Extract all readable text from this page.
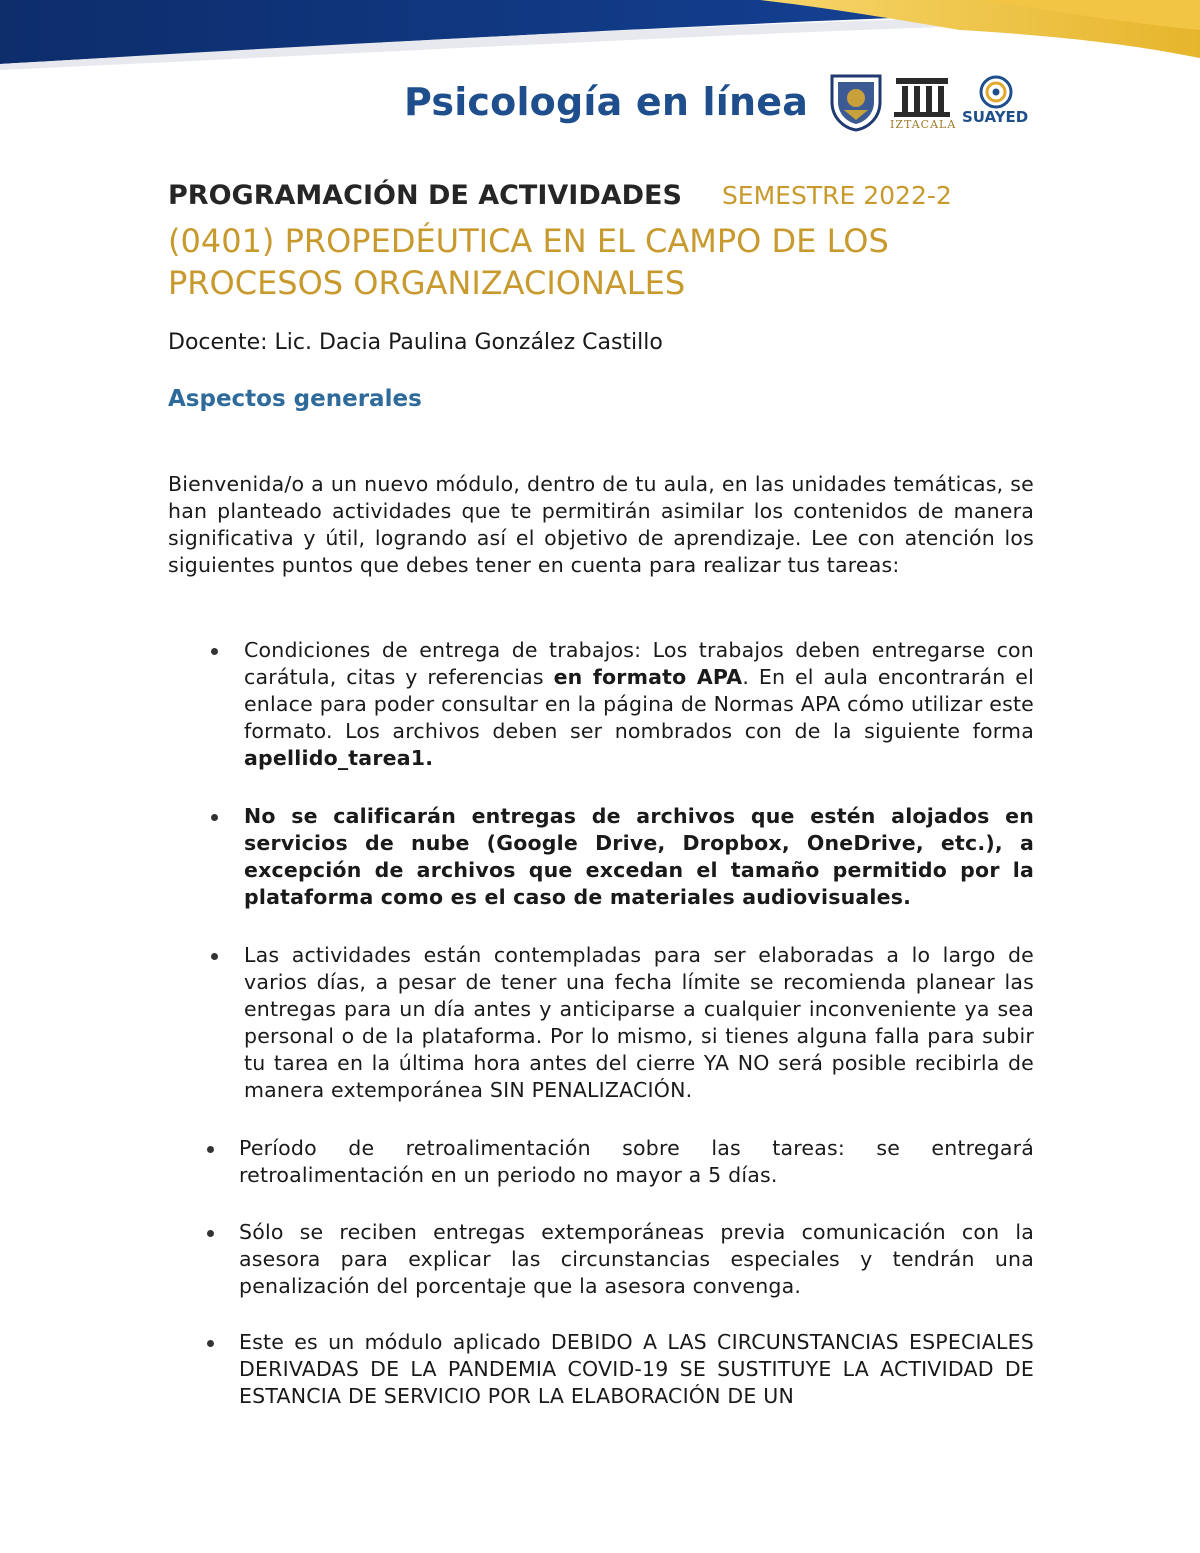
Psicología en línea
IZTACALA SUAYED
PROGRAMACIÓN DE ACTIVIDADES SEMESTRE 2022-2
(0401) PROPEDÉUTICA EN EL CAMPO DE LOS PROCESOS ORGANIZACIONALES
Docente: Lic. Dacia Paulina González Castillo
Aspectos generales
Bienvenida/o a un nuevo módulo, dentro de tu aula, en las unidades temáticas, se han planteado actividades que te permitirán asimilar los contenidos de manera significativa y útil, logrando así el objetivo de aprendizaje. Lee con atención los siguientes puntos que debes tener en cuenta para realizar tus tareas:
Condiciones de entrega de trabajos: Los trabajos deben entregarse con carátula, citas y referencias en formato APA. En el aula encontrarán el enlace para poder consultar en la página de Normas APA cómo utilizar este formato. Los archivos deben ser nombrados con de la siguiente forma apellido_tarea1.
No se calificarán entregas de archivos que estén alojados en servicios de nube (Google Drive, Dropbox, OneDrive, etc.), a excepción de archivos que excedan el tamaño permitido por la plataforma como es el caso de materiales audiovisuales.
Las actividades están contempladas para ser elaboradas a lo largo de varios días, a pesar de tener una fecha límite se recomienda planear las entregas para un día antes y anticiparse a cualquier inconveniente ya sea personal o de la plataforma. Por lo mismo, si tienes alguna falla para subir tu tarea en la última hora antes del cierre YA NO será posible recibirla de manera extemporánea SIN PENALIZACIÓN.
Período de retroalimentación sobre las tareas: se entregará retroalimentación en un periodo no mayor a 5 días.
Sólo se reciben entregas extemporáneas previa comunicación con la asesora para explicar las circunstancias especiales y tendrán una penalización del porcentaje que la asesora convenga.
Este es un módulo aplicado DEBIDO A LAS CIRCUNSTANCIAS ESPECIALES DERIVADAS DE LA PANDEMIA COVID-19 SE SUSTITUYE LA ACTIVIDAD DE ESTANCIA DE SERVICIO POR LA ELABORACIÓN DE UN
